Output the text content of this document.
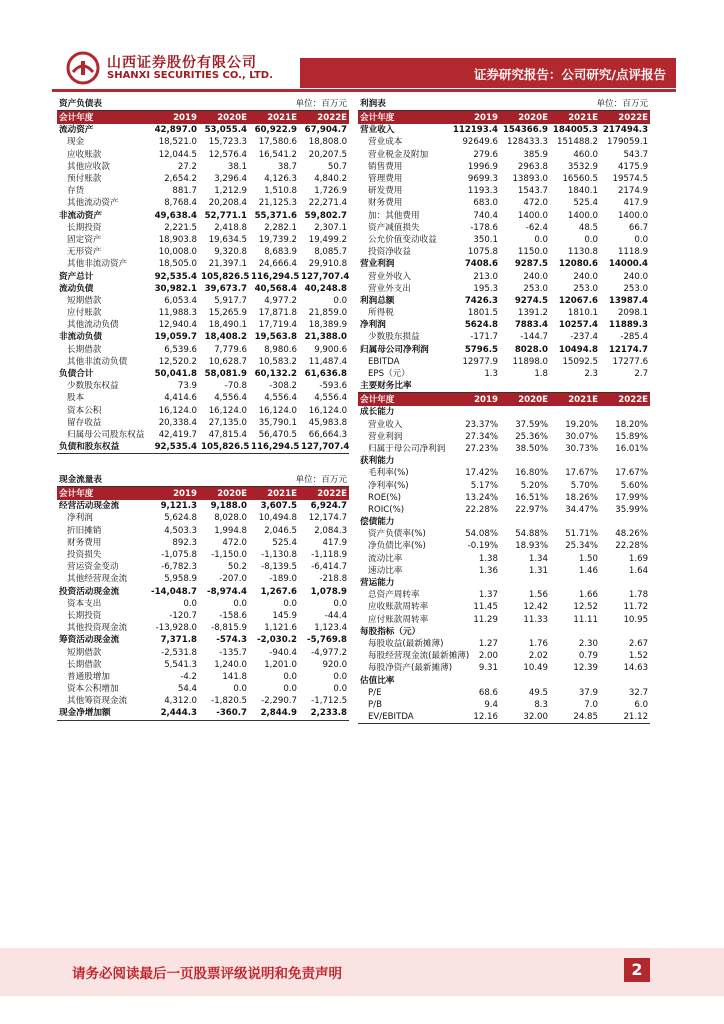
山西证券股份有限公司
SHANXI SECURITIES CO., LTD.	证券研究报告：公司研究/点评报告
资产负债表 单位：百万元				

会计年度	2019	2020E	2021E	2022E
流动资产	42,897.0	53,055.4	60,922.9	67,904.7
现金	18,521.0	15,723.3	17,580.6	18,808.0
应收账款	12,044.5	12,576.4	16,541.2	20,207.5
其他应收款	27.2	38.1	38.7	50.7
预付账款	2,654.2	3,296.4	4,126.3	4,840.2
存货	881.7	1,212.9	1,510.8	1,726.9
其他流动资产	8,768.4	20,208.4	21,125.3	22,271.4
非流动资产	49,638.4	52,771.1	55,371.6	59,802.7
长期投资	2,221.5	2,418.8	2,282.1	2,307.1
固定资产	18,903.8	19,634.5	19,739.2	19,499.2
无形资产	10,008.0	9,320.8	8,683.9	8,085.7
其他非流动资产	18,505.0	21,397.1	24,666.4	29,910.8
资产总计	92,535.4	105,826.5	116,294.5	127,707.4
流动负债	30,982.1	39,673.7	40,568.4	40,248.8
短期借款	6,053.4	5,917.7	4,977.2	0.0
应付账款	11,988.3	15,265.9	17,871.8	21,859.0
其他流动负债	12,940.4	18,490.1	17,719.4	18,389.9
非流动负债	19,059.7	18,408.2	19,563.8	21,388.0
长期借款	6,539.6	7,779.6	8,980.6	9,900.6
其他非流动负债	12,520.2	10,628.7	10,583.2	11,487.4
负债合计	50,041.8	58,081.9	60,132.2	61,636.8
少数股东权益	73.9	-70.8	-308.2	-593.6
股本	4,414.6	4,556.4	4,556.4	4,556.4
资本公积	16,124.0	16,124.0	16,124.0	16,124.0
留存收益	20,338.4	27,135.0	35,790.1	45,983.8
归属母公司股东权益	42,419.7	47,815.4	56,470.5	66,664.3
负债和股东权益	92,535.4	105,826.5	116,294.5	127,707.4
利润表 单位：百万元				

会计年度	2019	2020E	2021E	2022E
营业收入	112193.4	154366.9	184005.3	217494.3
营业成本	92649.6	128433.3	151488.2	179059.1
营业税金及附加	279.6	385.9	460.0	543.7
销售费用	1996.9	2963.8	3532.9	4175.9
管理费用	9699.3	13893.0	16560.5	19574.5
研发费用	1193.3	1543.7	1840.1	2174.9
财务费用	683.0	472.0	525.4	417.9
加：其他费用	740.4	1400.0	1400.0	1400.0
资产减值损失	-178.6	-62.4	48.5	66.7
公允价值变动收益	350.1	0.0	0.0	0.0
投资净收益	1075.8	1150.0	1130.8	1118.9
营业利润	7408.6	9287.5	12080.6	14000.4
营业外收入	213.0	240.0	240.0	240.0
营业外支出	195.3	253.0	253.0	253.0
利润总额	7426.3	9274.5	12067.6	13987.4
所得税	1801.5	1391.2	1810.1	2098.1
净利润	5624.8	7883.4	10257.4	11889.3
少数股东损益	-171.7	-144.7	-237.4	-285.4
归属母公司净利润	5796.5	8028.0	10494.8	12174.7
EBITDA	12977.9	11898.0	15092.5	17277.6
EPS（元）	1.3	1.8	2.3	2.7
主要财务比率				
会计年度	2019	2020E	2021E	2022E
成长能力				
营业收入	23.37%	37.59%	19.20%	18.20%
营业利润	27.34%	25.36%	30.07%	15.89%
归属于母公司净利润	27.23%	38.50%	30.73%	16.01%
获利能力				
毛利率(%)	17.42%	16.80%	17.67%	17.67%
净利率(%)	5.17%	5.20%	5.70%	5.60%
ROE(%)	13.24%	16.51%	18.26%	17.99%
ROIC(%)	22.28%	22.97%	34.47%	35.99%
偿债能力				
资产负债率(%)	54.08%	54.88%	51.71%	48.26%
净负债比率(%)	-0.19%	18.93%	25.34%	22.28%
流动比率	1.38	1.34	1.50	1.69
速动比率	1.36	1.31	1.46	1.64
营运能力				
总资产周转率	1.37	1.56	1.66	1.78
应收账款周转率	11.45	12.42	12.52	11.72
应付账款周转率	11.29	11.33	11.11	10.95
每股指标（元）				
每股收益(最新摊薄)	1.27	1.76	2.30	2.67
每股经营现金流(最新摊薄)	2.00	2.02	0.79	1.52
每股净资产(最新摊薄)	9.31	10.49	12.39	14.63
估值比率				
P/E	68.6	49.5	37.9	32.7
P/B	9.4	8.3	7.0	6.0
EV/EBITDA	12.16	32.00	24.85	21.12
现金流量表 单位：百万元				

会计年度	2019	2020E	2021E	2022E
经营活动现金流	9,121.3	9,188.0	3,607.5	6,924.7
净利润	5,624.8	8,028.0	10,494.8	12,174.7
折旧摊销	4,503.3	1,994.8	2,046.5	2,084.3
财务费用	892.3	472.0	525.4	417.9
投资损失	-1,075.8	-1,150.0	-1,130.8	-1,118.9
营运资金变动	-6,782.3	50.2	-8,139.5	-6,414.7
其他经营现金流	5,958.9	-207.0	-189.0	-218.8
投资活动现金流	-14,048.7	-8,974.4	1,267.6	1,078.9
资本支出	0.0	0.0	0.0	0.0
长期投资	-120.7	-158.6	145.9	-44.4
其他投资现金流	-13,928.0	-8,815.9	1,121.6	1,123.4
筹资活动现金流	7,371.8	-574.3	-2,030.2	-5,769.8
短期借款	-2,531.8	-135.7	-940.4	-4,977.2
长期借款	5,541.3	1,240.0	1,201.0	920.0
普通股增加	-4.2	141.8	0.0	0.0
资本公积增加	54.4	0.0	0.0	0.0
其他筹资现金流	4,312.0	-1,820.5	-2,290.7	-1,712.5
现金净增加额	2,444.3	-360.7	2,844.9	2,233.8
请务必阅读最后一页股票评级说明和免责声明	2
